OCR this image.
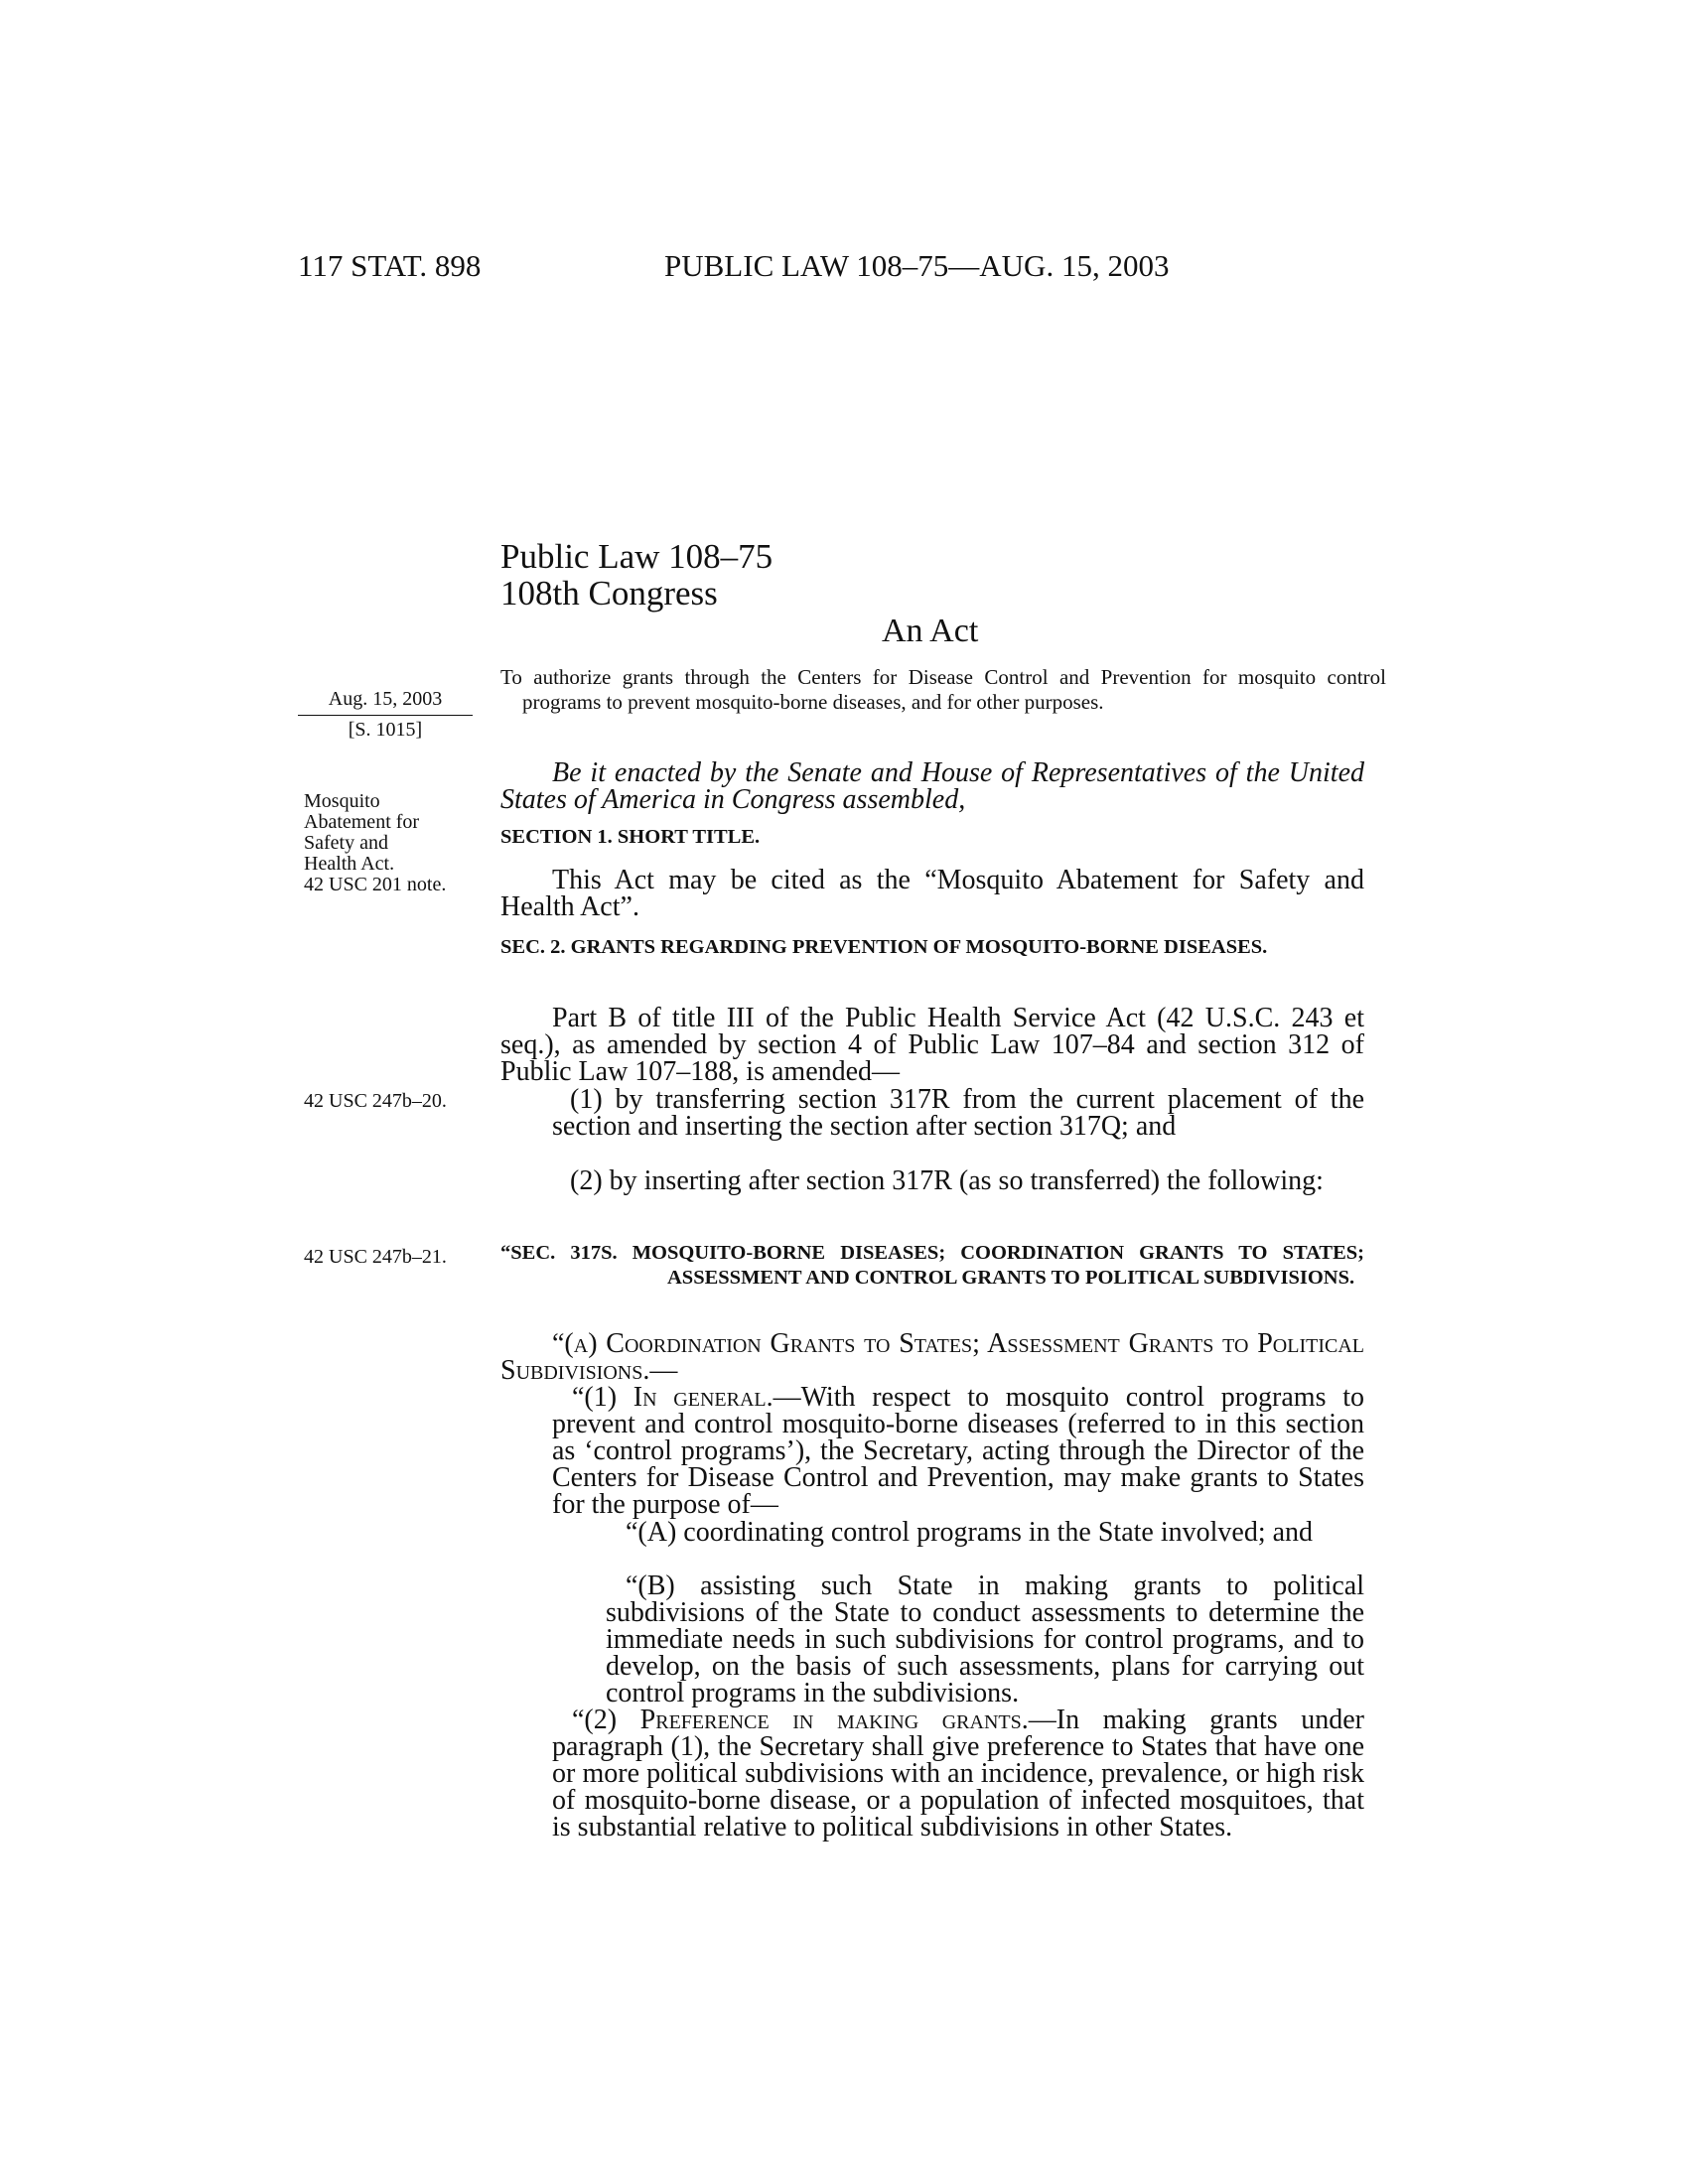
117 STAT. 898	PUBLIC LAW 108–75—AUG. 15, 2003
Public Law 108–75
108th Congress
An Act
Aug. 15, 2003
[S. 1015]
Mosquito
Abatement for
Safety and
Health Act.
42 USC 201 note.
42 USC 247b–20.
42 USC 247b–21.
To authorize grants through the Centers for Disease Control and Prevention for mosquito control programs to prevent mosquito-borne diseases, and for other purposes.
Be it enacted by the Senate and House of Representatives of the United States of America in Congress assembled,
SECTION 1. SHORT TITLE.
This Act may be cited as the “Mosquito Abatement for Safety and Health Act”.
SEC. 2. GRANTS REGARDING PREVENTION OF MOSQUITO-BORNE DISEASES.
Part B of title III of the Public Health Service Act (42 U.S.C. 243 et seq.), as amended by section 4 of Public Law 107–84 and section 312 of Public Law 107–188, is amended—
(1) by transferring section 317R from the current placement of the section and inserting the section after section 317Q; and
(2) by inserting after section 317R (as so transferred) the following:
“SEC. 317S. MOSQUITO-BORNE DISEASES; COORDINATION GRANTS TO STATES; ASSESSMENT AND CONTROL GRANTS TO POLITICAL SUBDIVISIONS.
“(a) Coordination Grants to States; Assessment Grants to Political Subdivisions.—
“(1) In general.—With respect to mosquito control programs to prevent and control mosquito-borne diseases (referred to in this section as ‘control programs’), the Secretary, acting through the Director of the Centers for Disease Control and Prevention, may make grants to States for the purpose of—
“(A) coordinating control programs in the State involved; and
“(B) assisting such State in making grants to political subdivisions of the State to conduct assessments to determine the immediate needs in such subdivisions for control programs, and to develop, on the basis of such assessments, plans for carrying out control programs in the subdivisions.
“(2) Preference in making grants.—In making grants under paragraph (1), the Secretary shall give preference to States that have one or more political subdivisions with an incidence, prevalence, or high risk of mosquito-borne disease, or a population of infected mosquitoes, that is substantial relative to political subdivisions in other States.
